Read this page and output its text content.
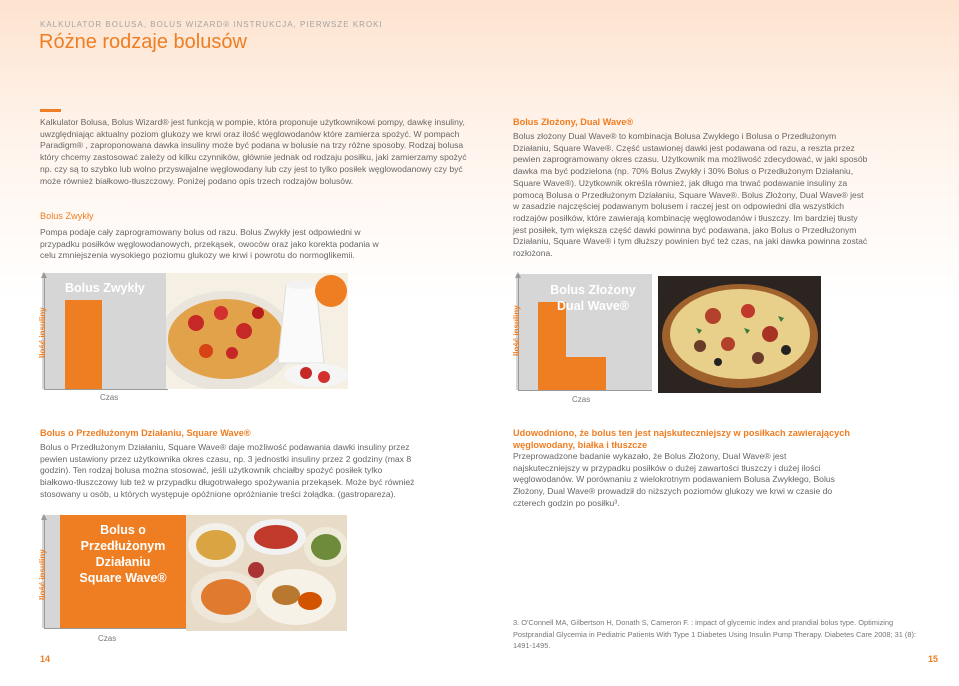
KALKULATOR BOLUSA, BOLUS WIZARD® INSTRUKCJA, PIERWSZE KROKI
Różne rodzaje bolusów
Kalkulator Bolusa, Bolus Wizard® jest funkcją w pompie, która proponuje użytkownikowi pompy, dawkę insuliny, uwzględniając aktualny poziom glukozy we krwi oraz ilość węglowodanów które zamierza spożyć. W pompach Paradigm® , zaproponowana dawka insuliny może być podana w bolusie na trzy różne sposoby. Rodzaj bolusa który chcemy zastosować zależy od kilku czynników, głównie jednak od rodzaju posiłku, jaki zamierzamy spożyć np. czy są to szybko lub wolno przyswajalne węglowodany lub czy jest to tylko posiłek węglowodanowy czy być może również białkowo-tłuszczowy. Poniżej podano opis trzech rodzajów bolusów.
Bolus Zwykły
Pompa podaje cały zaprogramowany bolus od razu. Bolus Zwykły jest odpowiedni w przypadku posiłków węglowodanowych, przekąsek, owoców oraz jako korekta podania w celu zmniejszenia wysokiego poziomu glukozy we krwi i powrotu do normoglikemii.
Bolus Zwykły
Ilość insuliny
Czas
Bolus Złożony
Dual Wave®
Ilość insuliny
Czas
Bolus Złożony, Dual Wave®
Bolus złożony Dual Wave® to kombinacja Bolusa Zwykłego i Bolusa o Przedłużonym Działaniu, Square Wave®. Część ustawionej dawki jest podawana od razu, a reszta przez pewien zaprogramowany okres czasu. Użytkownik ma możliwość zdecydować, w jaki sposób dawka ma być podzielona (np. 70% Bolus Zwykły i 30% Bolus o Przedłużonym Działaniu, Square Wave®). Użytkownik określa również, jak długo ma trwać podawanie insuliny za pomocą Bolusa o Przedłużonym Działaniu, Square Wave®. Bolus Złożony, Dual Wave® jest w zasadzie najczęściej podawanym bolusem i raczej jest on odpowiedni dla wszystkich rodzajów posiłków, które zawierają kombinację węglowodanów i tłuszczy. Im bardziej tłusty jest posiłek, tym większa część dawki powinna być podawana, jako Bolus o Przedłużonym Działaniu, Square Wave® i tym dłuższy powinien być też czas, na jaki dawka powinna zostać rozłożona.
Bolus o Przedłużonym Działaniu, Square Wave®
Bolus o Przedłużonym Działaniu, Square Wave® daje możliwość podawania dawki insuliny przez pewien ustawiony przez użytkownika okres czasu, np. 3 jednostki insuliny przez 2 godziny (max 8 godzin). Ten rodzaj bolusa można stosować, jeśli użytkownik chciałby spożyć posiłek tylko białkowo-tłuszczowy lub też w przypadku długotrwałego spożywania przekąsek. Może być również stosowany u osób, u których występuje opóźnione opróżnianie treści żołądka. (gastropareza).
Bolus o
Przedłużonym
Działaniu
Square Wave®
Ilość insuliny
Czas
Udowodniono, że bolus ten jest najskuteczniejszy w posiłkach zawierających węglowodany, białka i tłuszcze
Przeprowadzone badanie wykazało, że Bolus Złożony, Dual Wave® jest najskuteczniejszy w przypadku posiłków o dużej zawartości tłuszczy i dużej ilości węglowodanów. W porównaniu z wielokrotnym podawaniem Bolusa Zwykłego, Bolus Złożony, Dual Wave® prowadził do niższych poziomów glukozy we krwi w czasie do czterech godzin po posiłku³.
3. O'Connell MA, Gilbertson H, Donath S, Cameron F. : impact of glycemic index and prandial bolus type. Optimizing Postprandial Glycemia in Pediatric Patients With Type 1 Diabetes Using Insulin Pump Therapy. Diabetes Care 2008; 31 (8): 1491-1495.
14	15
